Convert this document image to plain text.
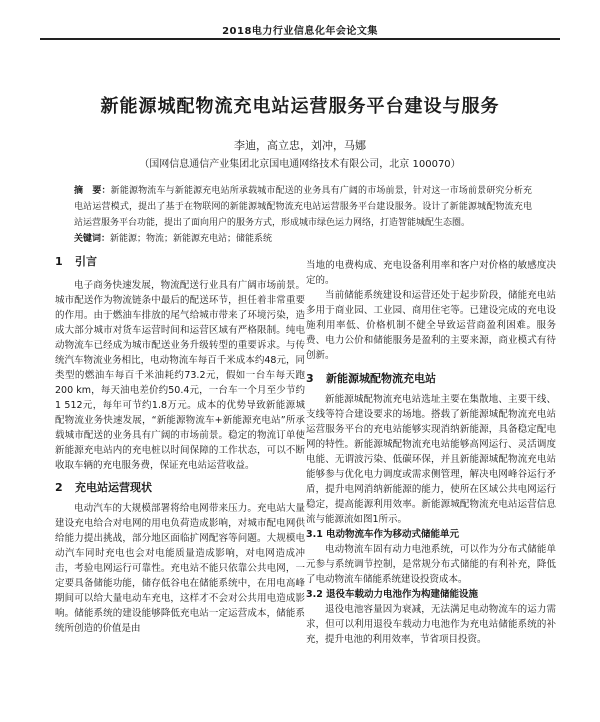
2018电力行业信息化年会论文集
新能源城配物流充电站运营服务平台建设与服务
李迪，高立忠，刘冲，马娜
（国网信息通信产业集团北京国电通网络技术有限公司，北京 100070）
摘　要：新能源物流车与新能源充电站所承载城市配送的业务具有广阔的市场前景，针对这一市场前景研究分析充电站运营模式，提出了基于在物联网的新能源城配物流充电站运营服务平台建设服务。设计了新能源城配物流充电站运营服务平台功能，提出了面向用户的服务方式，形成城市绿色运力网络，打造智能城配生态圈。
关键词：新能源；物流；新能源充电站；储能系统
1 引言

电子商务快速发展，物流配送行业具有广阔市场前景。城市配送作为物流链条中最后的配送环节，担任着非常重要的作用。由于燃油车排放的尾气给城市带来了环境污染，造成大部分城市对货车运营时间和运营区域有严格限制。纯电动物流车已经成为城市配送业务升级转型的重要诉求。与传统汽车物流业务相比，电动物流车每百千米成本约48元，同类型的燃油车每百千米油耗约73.2元，假如一台车每天跑200 km，每天油电差价约50.4元，一台车一个月至少节约1 512元，每年可节约1.8万元。成本的优势导致新能源城配物流业务快速发展，“新能源物流车+新能源充电站”所承载城市配送的业务具有广阔的市场前景。稳定的物流订单使新能源充电站内的充电桩以时间保障的工作状态，可以不断收取车辆的充电服务费，保证充电站运营收益。

2 充电站运营现状

电动汽车的大规模部署将给电网带来压力。充电站大量建设充电给合对电网的用电负荷造成影响，对城市配电网供给能力提出挑战，部分地区面临扩网配容等问题。大规模电动汽车同时充电也会对电能质量造成影响，对电网造成冲击，考验电网运行可靠性。充电站不能只依靠公共电网，一定要具备储能功能，储存低谷电在储能系统中，在用电高峰期间可以给大量电动车充电，这样才不会对公共用电造成影响。储能系统的建设能够降低充电站一定运营成本，储能系统所创造的价值是由

当地的电费构成、充电设备利用率和客户对价格的敏感度决定的。

当前储能系统建设和运营还处于起步阶段，储能充电站多用于商业园、工业园、商用住宅等。已建设完成的充电设施利用率低、价格机制不健全导致运营商盈利困难。服务费、电力公价和储能服务是盈利的主要来源，商业模式有待创新。

3 新能源城配物流充电站

新能源城配物流充电站选址主要在集散地、主要干线、支线等符合建设要求的场地。搭载了新能源城配物流充电站运营服务平台的充电站能够实现消纳新能源，具备稳定配电网的特性。新能源城配物流充电站能够高网运行、灵活调度电能、无谓波污染、低碳环保，并且新能源城配物流充电站能够参与优化电力调度或需求侧管理，解决电网峰谷运行矛盾，提升电网消纳新能源的能力，使所在区域公共电网运行稳定，提高能源利用效率。新能源城配物流充电站运营信息流与能源流如图1所示。

3.1 电动物流车作为移动式储能单元

电动物流车固有动力电池系统，可以作为分布式储能单元参与系统调节控制，是常规分布式储能的有利补充，降低了电动物流车储能系统建设投资成本。

3.2 退役车载动力电池作为构建储能设施

退役电池容量因为衰减，无法满足电动物流车的运力需求，但可以利用退役车载动力电池作为充电站储能系统的补充，提升电池的利用效率，节省项目投资。
